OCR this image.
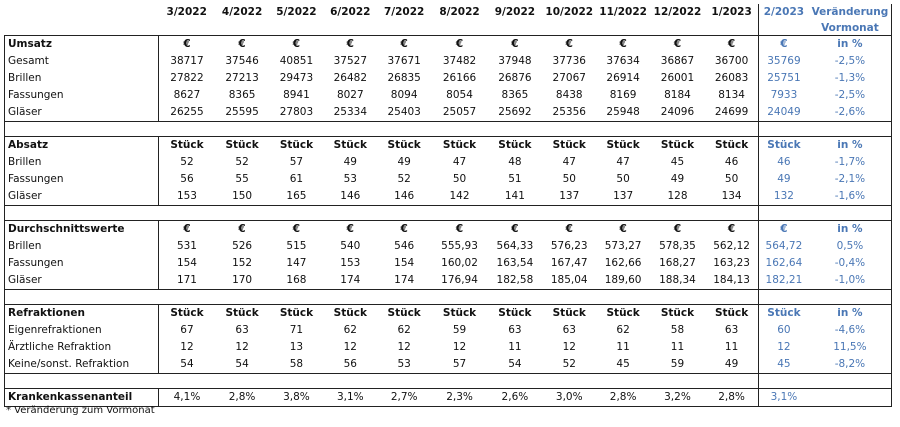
	3/2022	4/2022	5/2022	6/2022	7/2022	8/2022	9/2022	10/2022	11/2022	12/2022	1/2023	2/2023	Veränderung
													Vormonat
Umsatz	€	€	€	€	€	€	€	€	€	€	€	€	in %
Gesamt	38717	37546	40851	37527	37671	37482	37948	37736	37634	36867	36700	35769	-2,5%
Brillen	27822	27213	29473	26482	26835	26166	26876	27067	26914	26001	26083	25751	-1,3%
Fassungen	8627	8365	8941	8027	8094	8054	8365	8438	8169	8184	8134	7933	-2,5%
Gläser	26255	25595	27803	25334	25403	25057	25692	25356	25948	24096	24699	24049	-2,6%

Absatz	Stück	Stück	Stück	Stück	Stück	Stück	Stück	Stück	Stück	Stück	Stück	Stück	in %
Brillen	52	52	57	49	49	47	48	47	47	45	46	46	-1,7%
Fassungen	56	55	61	53	52	50	51	50	50	49	50	49	-2,1%
Gläser	153	150	165	146	146	142	141	137	137	128	134	132	-1,6%

Durchschnittswerte	€	€	€	€	€	€	€	€	€	€	€	€	in %
Brillen	531	526	515	540	546	555,93	564,33	576,23	573,27	578,35	562,12	564,72	0,5%
Fassungen	154	152	147	153	154	160,02	163,54	167,47	162,66	168,27	163,23	162,64	-0,4%
Gläser	171	170	168	174	174	176,94	182,58	185,04	189,60	188,34	184,13	182,21	-1,0%

Refraktionen	Stück	Stück	Stück	Stück	Stück	Stück	Stück	Stück	Stück	Stück	Stück	Stück	in %
Eigenrefraktionen	67	63	71	62	62	59	63	63	62	58	63	60	-4,6%
Ärztliche Refraktion	12	12	13	12	12	12	11	12	11	11	11	12	11,5%
Keine/sonst. Refraktion	54	54	58	56	53	57	54	52	45	59	49	45	-8,2%

Krankenkassenanteil	4,1%	2,8%	3,8%	3,1%	2,7%	2,3%	2,6%	3,0%	2,8%	3,2%	2,8%	3,1%	
* Veränderung zum Vormonat
